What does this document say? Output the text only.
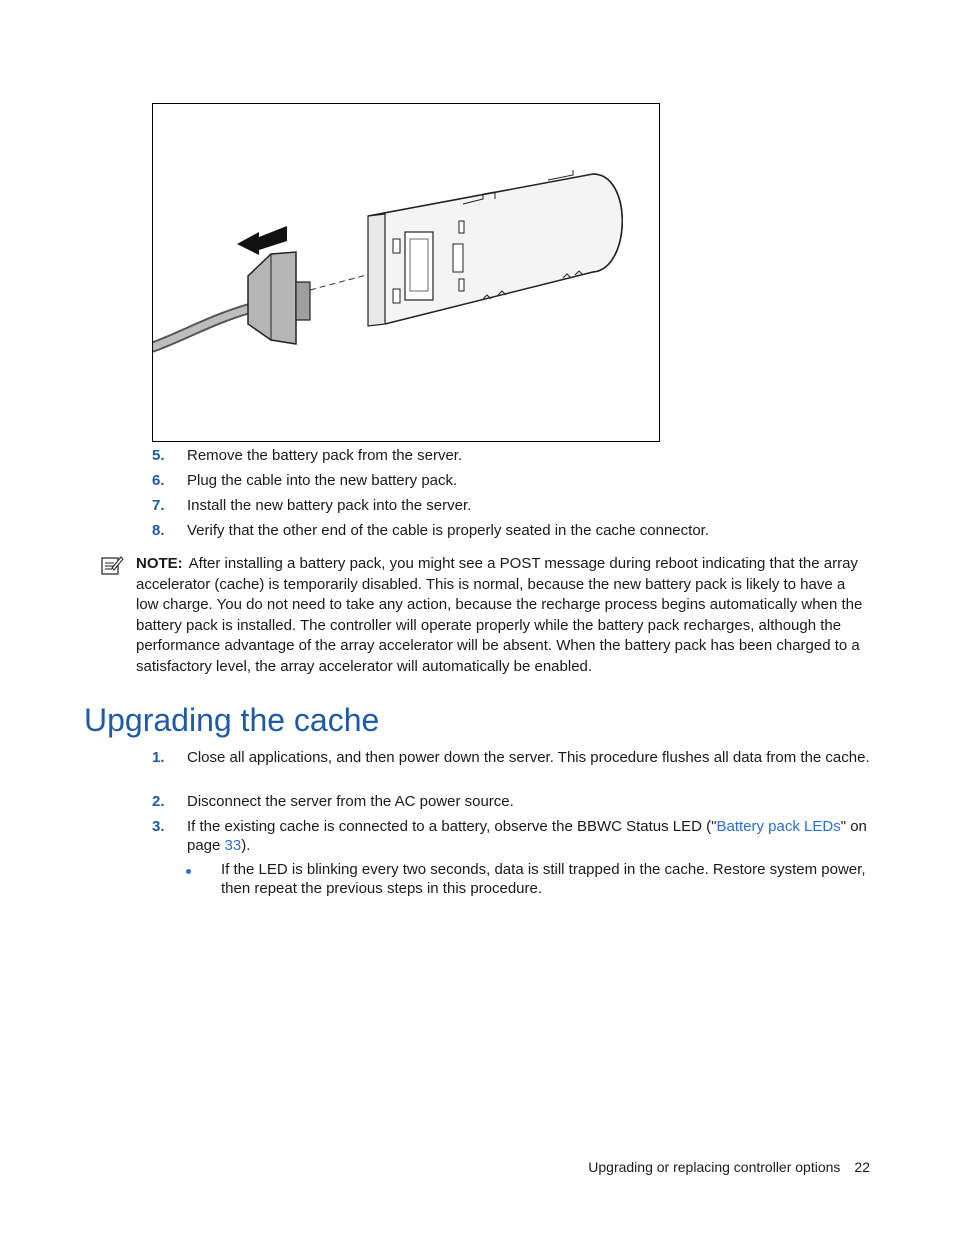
5. Remove the battery pack from the server.
6. Plug the cable into the new battery pack.
7. Install the new battery pack into the server.
8. Verify that the other end of the cable is properly seated in the cache connector.
NOTE: After installing a battery pack, you might see a POST message during reboot indicating that the array accelerator (cache) is temporarily disabled. This is normal, because the new battery pack is likely to have a low charge. You do not need to take any action, because the recharge process begins automatically when the battery pack is installed. The controller will operate properly while the battery pack recharges, although the performance advantage of the array accelerator will be absent. When the battery pack has been charged to a satisfactory level, the array accelerator will automatically be enabled.
Upgrading the cache
1. Close all applications, and then power down the server. This procedure flushes all data from the cache.
2. Disconnect the server from the AC power source.
3. If the existing cache is connected to a battery, observe the BBWC Status LED ("Battery pack LEDs" on page 33).
If the LED is blinking every two seconds, data is still trapped in the cache. Restore system power, then repeat the previous steps in this procedure.
Upgrading or replacing controller options 22
